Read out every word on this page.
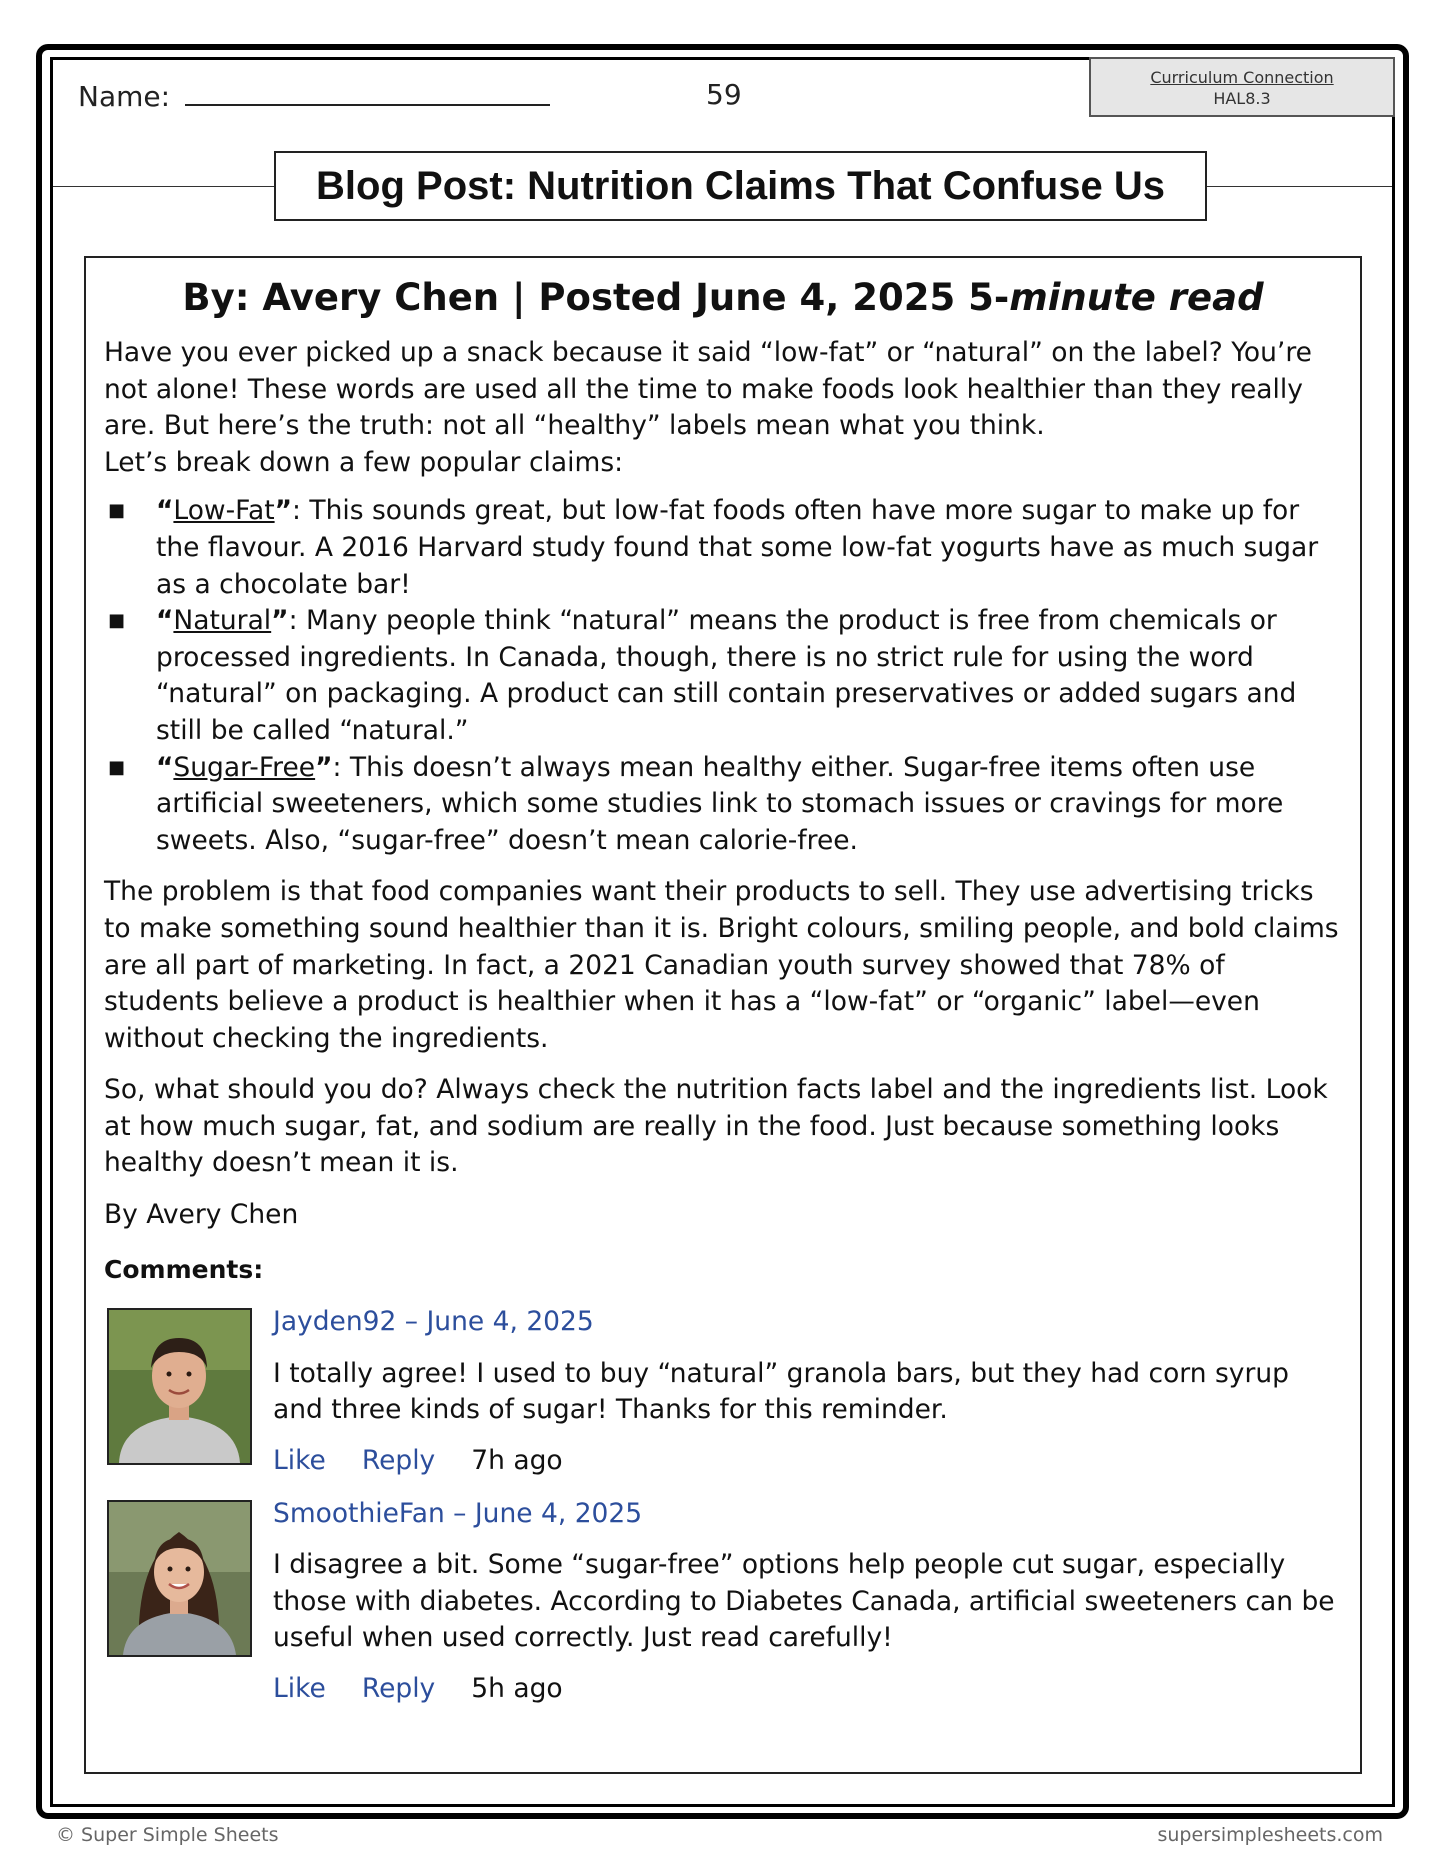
Name:	59
Curriculum Connection
HAL8.3
Blog Post: Nutrition Claims That Confuse Us
By: Avery Chen | Posted June 4, 2025 5-minute read

Have you ever picked up a snack because it said “low-fat” or “natural” on the label? You’re not alone! These words are used all the time to make foods look healthier than they really are. But here’s the truth: not all “healthy” labels mean what you think.

Let’s break down a few popular claims:

■ “Low-Fat”: This sounds great, but low-fat foods often have more sugar to make up for the flavour. A 2016 Harvard study found that some low-fat yogurts have as much sugar as a chocolate bar!
■ “Natural”: Many people think “natural” means the product is free from chemicals or processed ingredients. In Canada, though, there is no strict rule for using the word “natural” on packaging. A product can still contain preservatives or added sugars and still be called “natural.”
■ “Sugar-Free”: This doesn’t always mean healthy either. Sugar-free items often use artificial sweeteners, which some studies link to stomach issues or cravings for more sweets. Also, “sugar-free” doesn’t mean calorie-free.

The problem is that food companies want their products to sell. They use advertising tricks to make something sound healthier than it is. Bright colours, smiling people, and bold claims are all part of marketing. In fact, a 2021 Canadian youth survey showed that 78% of students believe a product is healthier when it has a “low-fat” or “organic” label—even without checking the ingredients.

So, what should you do? Always check the nutrition facts label and the ingredients list. Look at how much sugar, fat, and sodium are really in the food. Just because something looks healthy doesn’t mean it is.

By Avery Chen

Comments:

Jayden92 – June 4, 2025
I totally agree! I used to buy “natural” granola bars, but they had corn syrup and three kinds of sugar! Thanks for this reminder.
Like Reply 7h ago
SmoothieFan – June 4, 2025
I disagree a bit. Some “sugar-free” options help people cut sugar, especially those with diabetes. According to Diabetes Canada, artificial sweeteners can be useful when used correctly. Just read carefully!
Like Reply 5h ago
© Super Simple Sheets	supersimplesheets.com
